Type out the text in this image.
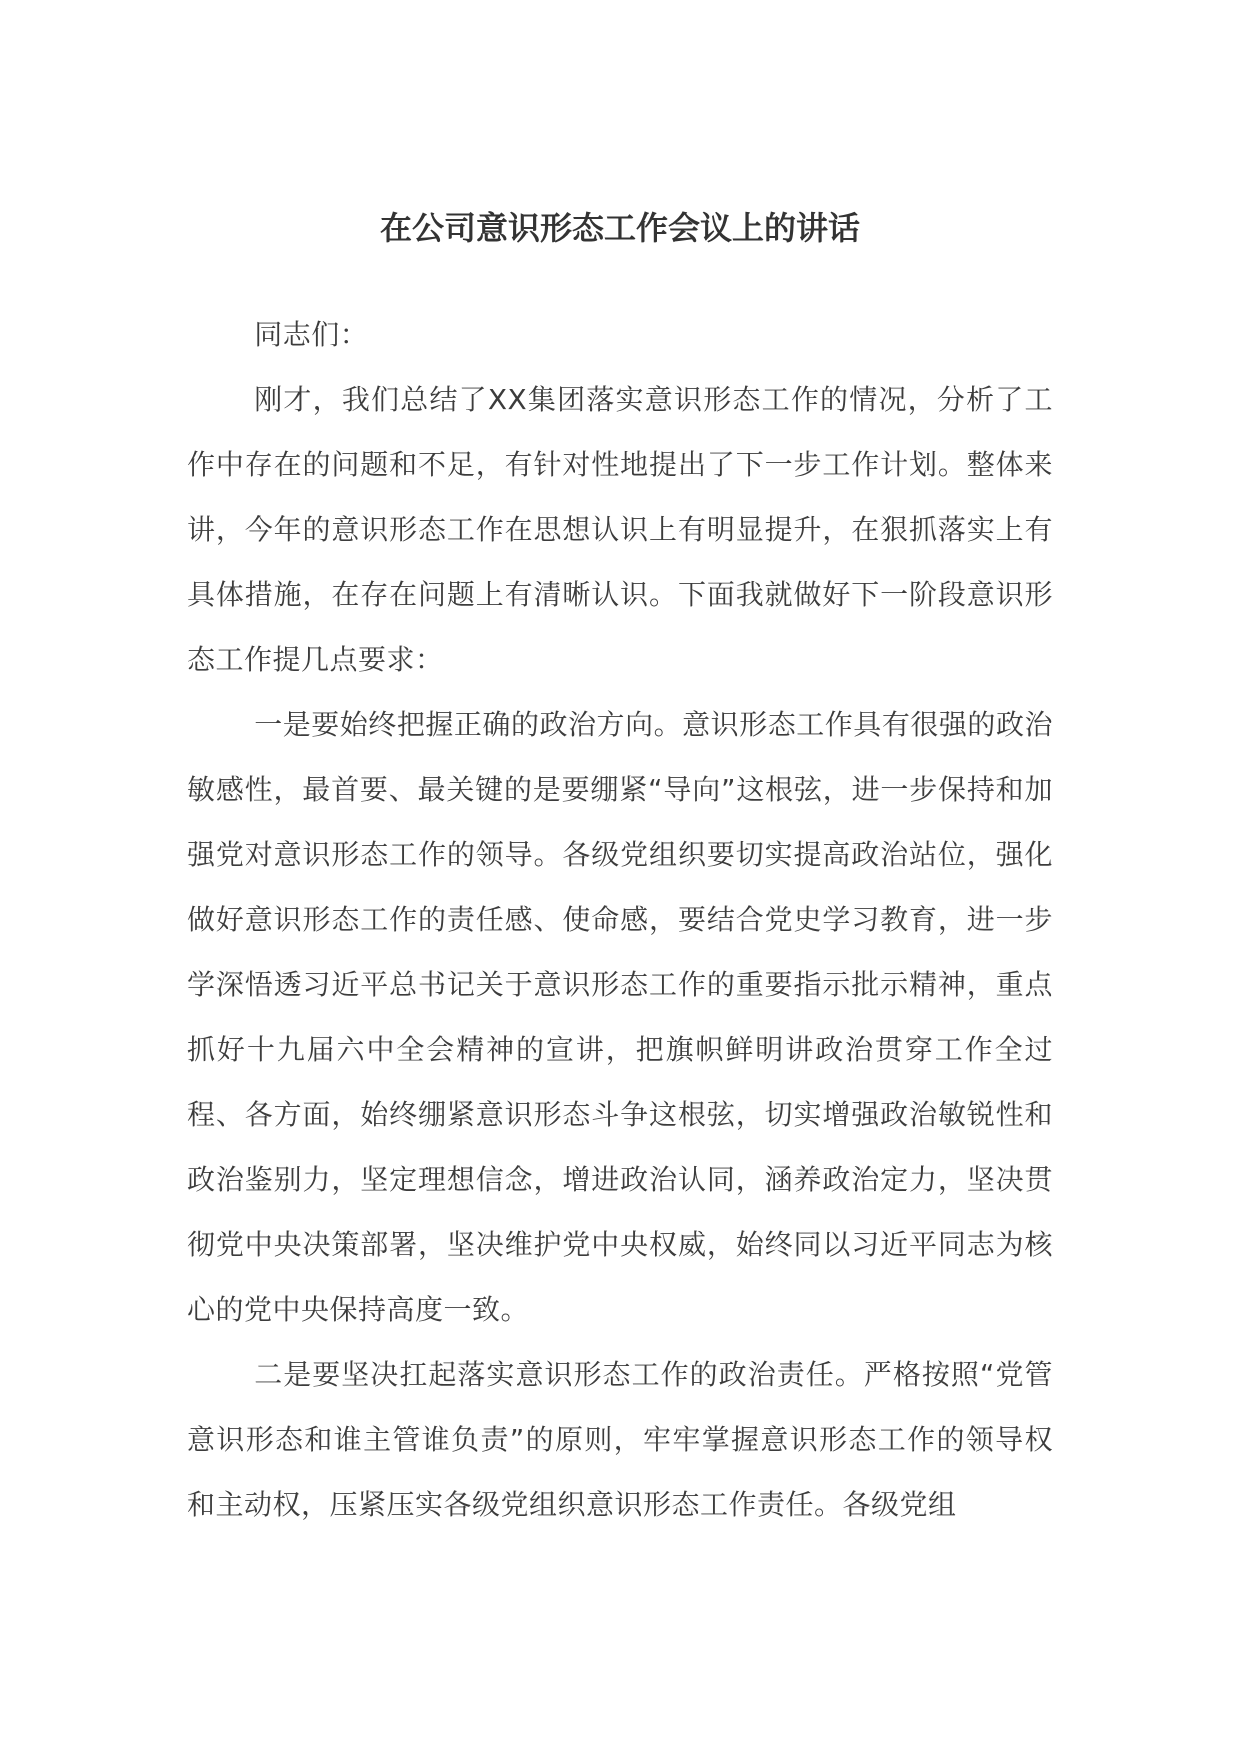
在公司意识形态工作会议上的讲话

同志们：

刚才，我们总结了XX集团落实意识形态工作的情况，分析了工作中存在的问题和不足，有针对性地提出了下一步工作计划。整体来讲，今年的意识形态工作在思想认识上有明显提升，在狠抓落实上有具体措施，在存在问题上有清晰认识。下面我就做好下一阶段意识形态工作提几点要求：

一是要始终把握正确的政治方向。意识形态工作具有很强的政治敏感性，最首要、最关键的是要绷紧“导向”这根弦，进一步保持和加强党对意识形态工作的领导。各级党组织要切实提高政治站位，强化做好意识形态工作的责任感、使命感，要结合党史学习教育，进一步学深悟透习近平总书记关于意识形态工作的重要指示批示精神，重点抓好十九届六中全会精神的宣讲，把旗帜鲜明讲政治贯穿工作全过程、各方面，始终绷紧意识形态斗争这根弦，切实增强政治敏锐性和政治鉴别力，坚定理想信念，增进政治认同，涵养政治定力，坚决贯彻党中央决策部署，坚决维护党中央权威，始终同以习近平同志为核心的党中央保持高度一致。

二是要坚决扛起落实意识形态工作的政治责任。严格按照“党管意识形态和谁主管谁负责”的原则，牢牢掌握意识形态工作的领导权和主动权，压紧压实各级党组织意识形态工作责任。各级党组
